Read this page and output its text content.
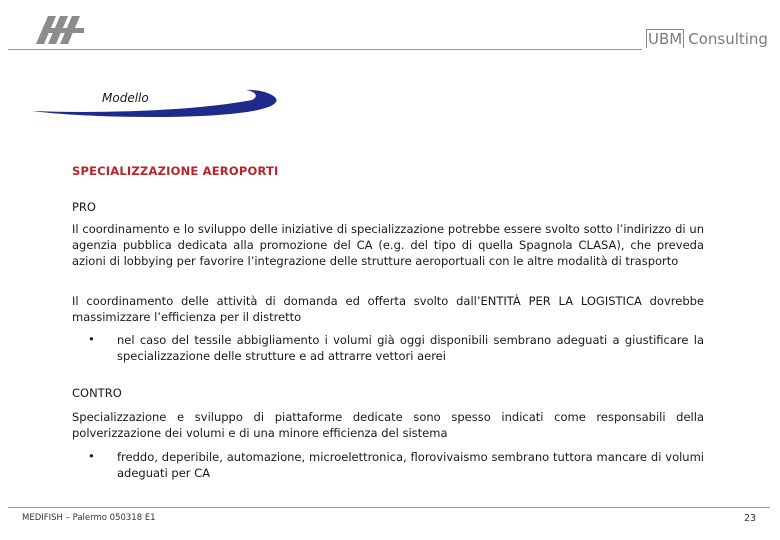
UBM Consulting
Modello
SPECIALIZZAZIONE AEROPORTI
PRO
Il coordinamento e lo sviluppo delle iniziative di specializzazione potrebbe essere svolto sotto l’indirizzo di un agenzia pubblica dedicata alla promozione del CA (e.g. del tipo di quella Spagnola CLASA), che preveda azioni di lobbying per favorire l’integrazione delle strutture aeroportuali con le altre modalità di trasporto
Il coordinamento delle attività di domanda ed offerta svolto dall’ENTITÀ PER LA LOGISTICA dovrebbe massimizzare l’efficienza per il distretto
• nel caso del tessile abbigliamento i volumi già oggi disponibili sembrano adeguati a giustificare la specializzazione delle strutture e ad attrarre vettori aerei
CONTRO
Specializzazione e sviluppo di piattaforme dedicate sono spesso indicati come responsabili della polverizzazione dei volumi e di una minore efficienza del sistema
• freddo, deperibile, automazione, microelettronica, florovivaismo sembrano tuttora mancare di volumi adeguati per CA
MEDIFISH – Palermo 050318 E1	23
